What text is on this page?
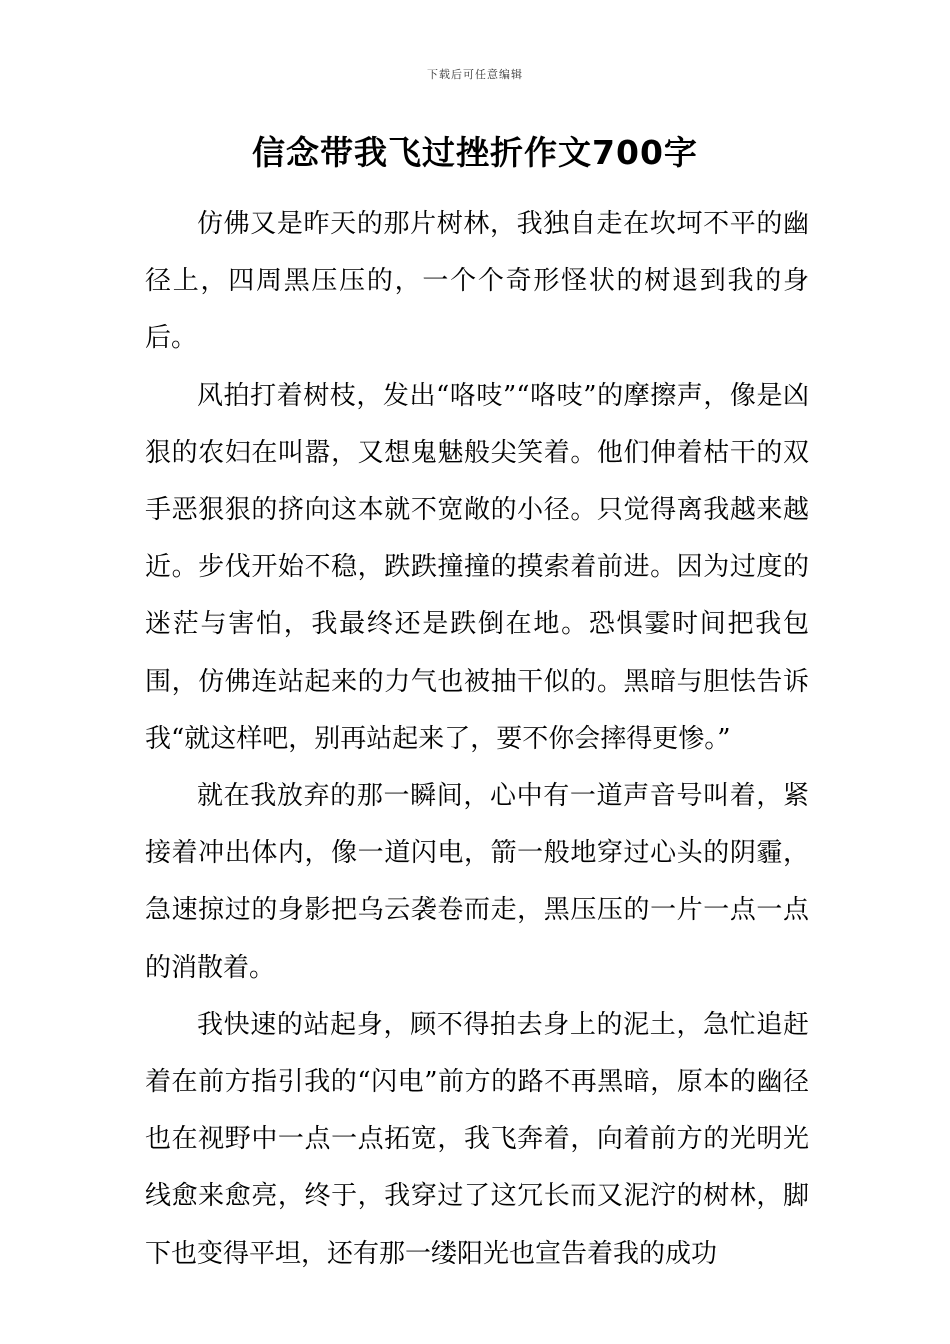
下载后可任意编辑
信念带我飞过挫折作文700字

仿佛又是昨天的那片树林，我独自走在坎坷不平的幽径上，四周黑压压的，一个个奇形怪状的树退到我的身后。

风拍打着树枝，发出“咯吱”“咯吱”的摩擦声，像是凶狠的农妇在叫嚣，又想鬼魅般尖笑着。他们伸着枯干的双手恶狠狠的挤向这本就不宽敞的小径。只觉得离我越来越近。步伐开始不稳，跌跌撞撞的摸索着前进。因为过度的迷茫与害怕，我最终还是跌倒在地。恐惧霎时间把我包围，仿佛连站起来的力气也被抽干似的。黑暗与胆怯告诉我“就这样吧，别再站起来了，要不你会摔得更惨。”

就在我放弃的那一瞬间，心中有一道声音号叫着，紧接着冲出体内，像一道闪电，箭一般地穿过心头的阴霾，急速掠过的身影把乌云袭卷而走，黑压压的一片一点一点的消散着。

我快速的站起身，顾不得拍去身上的泥土，急忙追赶着在前方指引我的“闪电”前方的路不再黑暗，原本的幽径也在视野中一点一点拓宽，我飞奔着，向着前方的光明光线愈来愈亮，终于，我穿过了这冗长而又泥泞的树林，脚下也变得平坦，还有那一缕阳光也宣告着我的成功
